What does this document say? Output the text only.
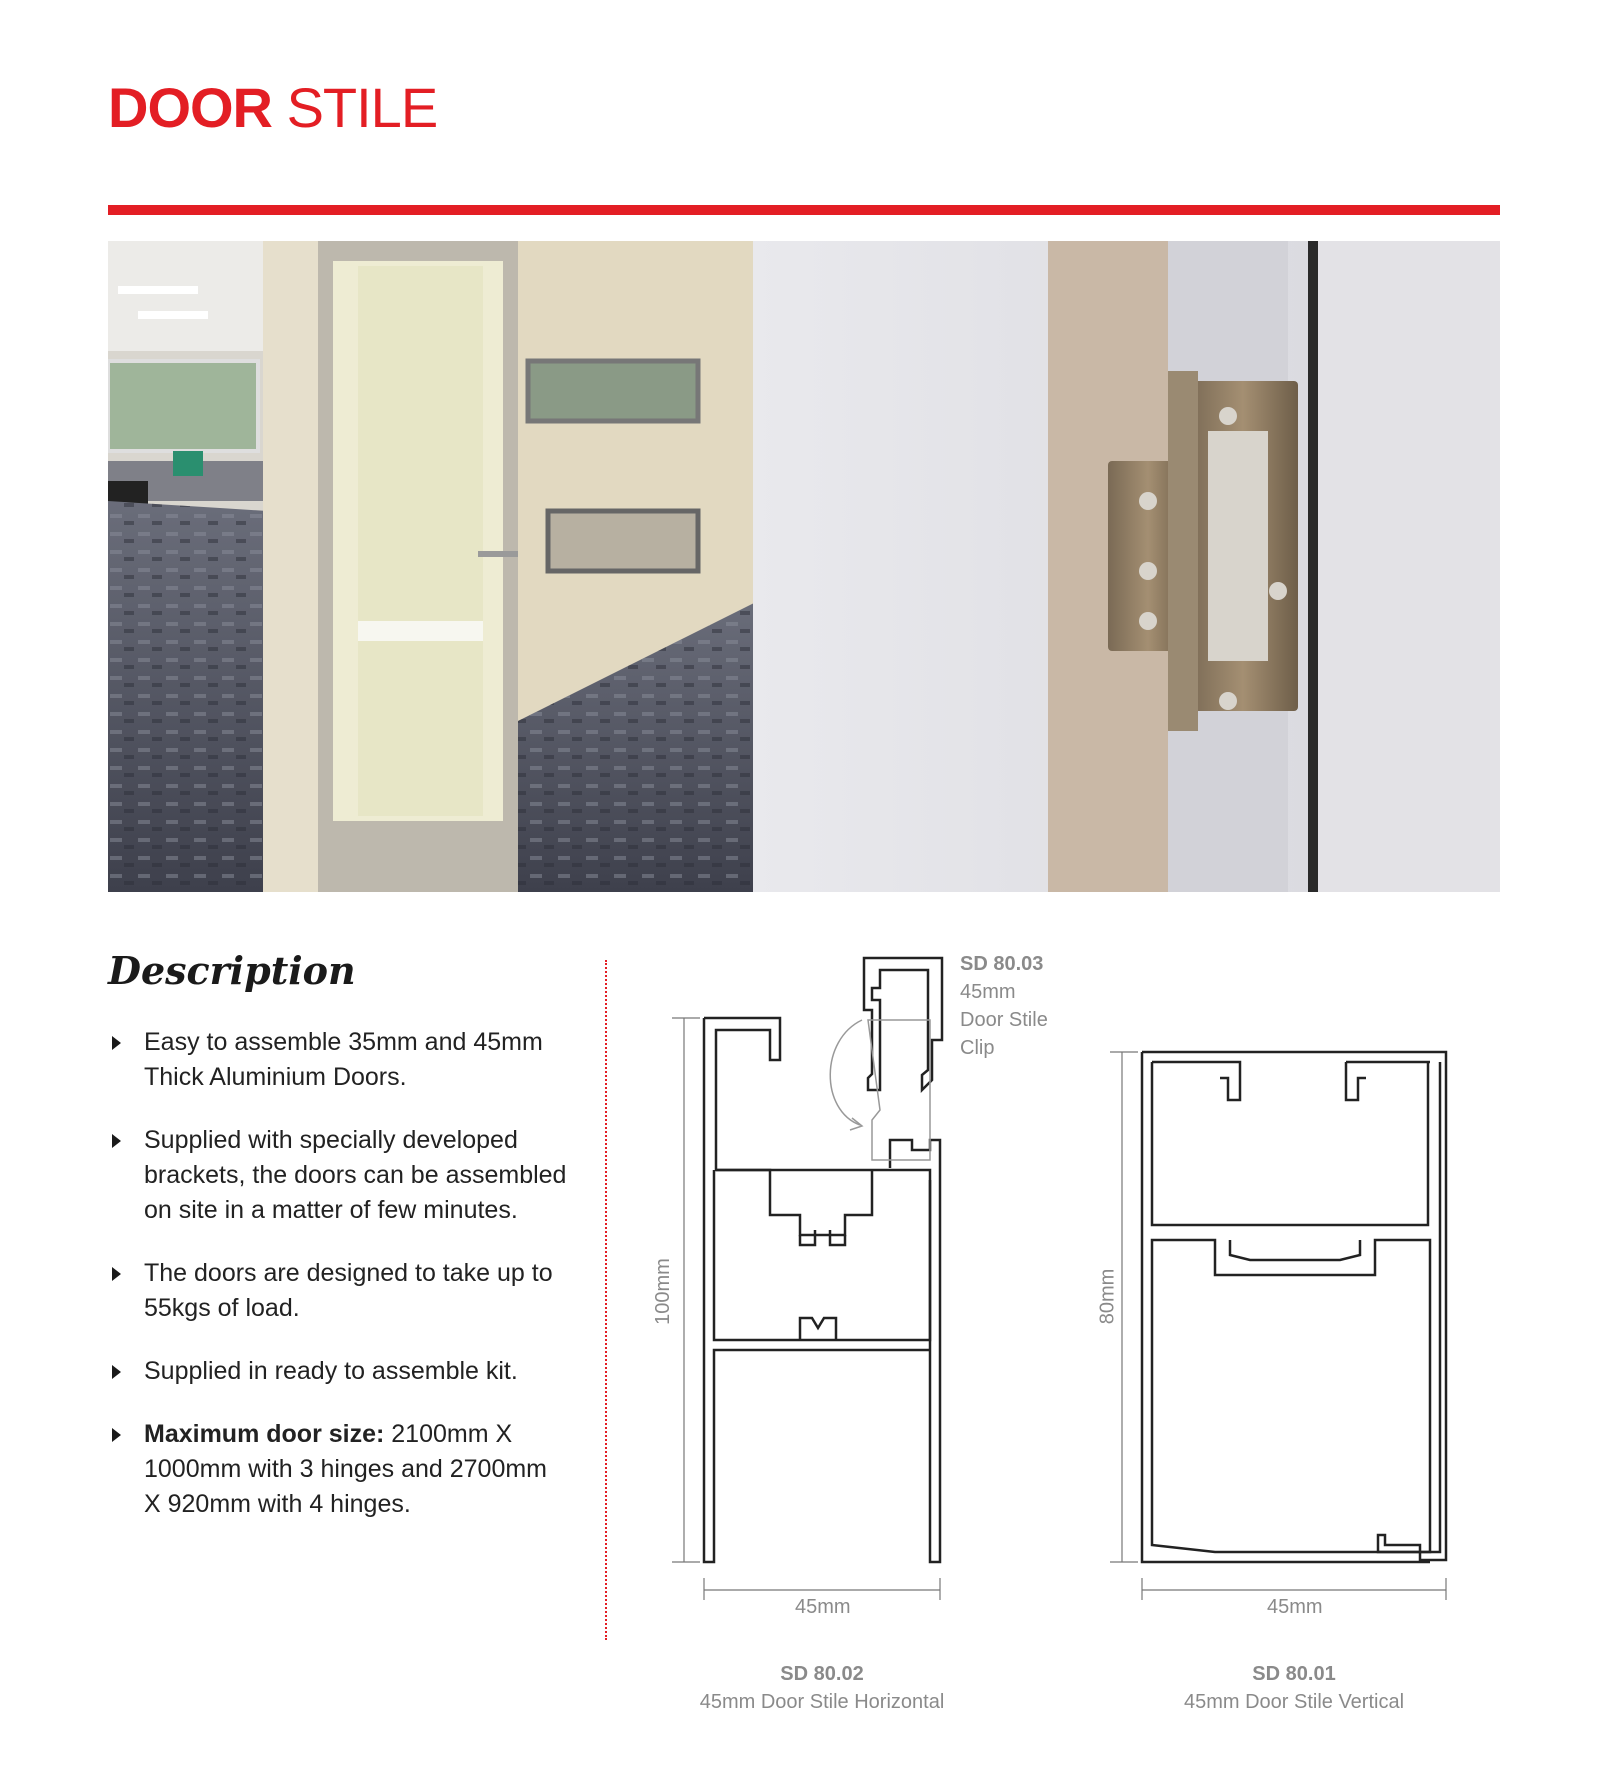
DOOR STILE
Description
Easy to assemble 35mm and 45mm Thick Aluminium Doors.
Supplied with specially developed brackets, the doors can be assembled on site in a matter of few minutes.
The doors are designed to take up to 55kgs of load.
Supplied in ready to assemble kit.
Maximum door size: 2100mm X 1000mm with 3 hinges and 2700mm X 920mm with 4 hinges.
100mm
45mm
80mm
45mm
SD 80.03
45mm
Door Stile
Clip
SD 80.02
45mm Door Stile Horizontal
SD 80.01
45mm Door Stile Vertical
